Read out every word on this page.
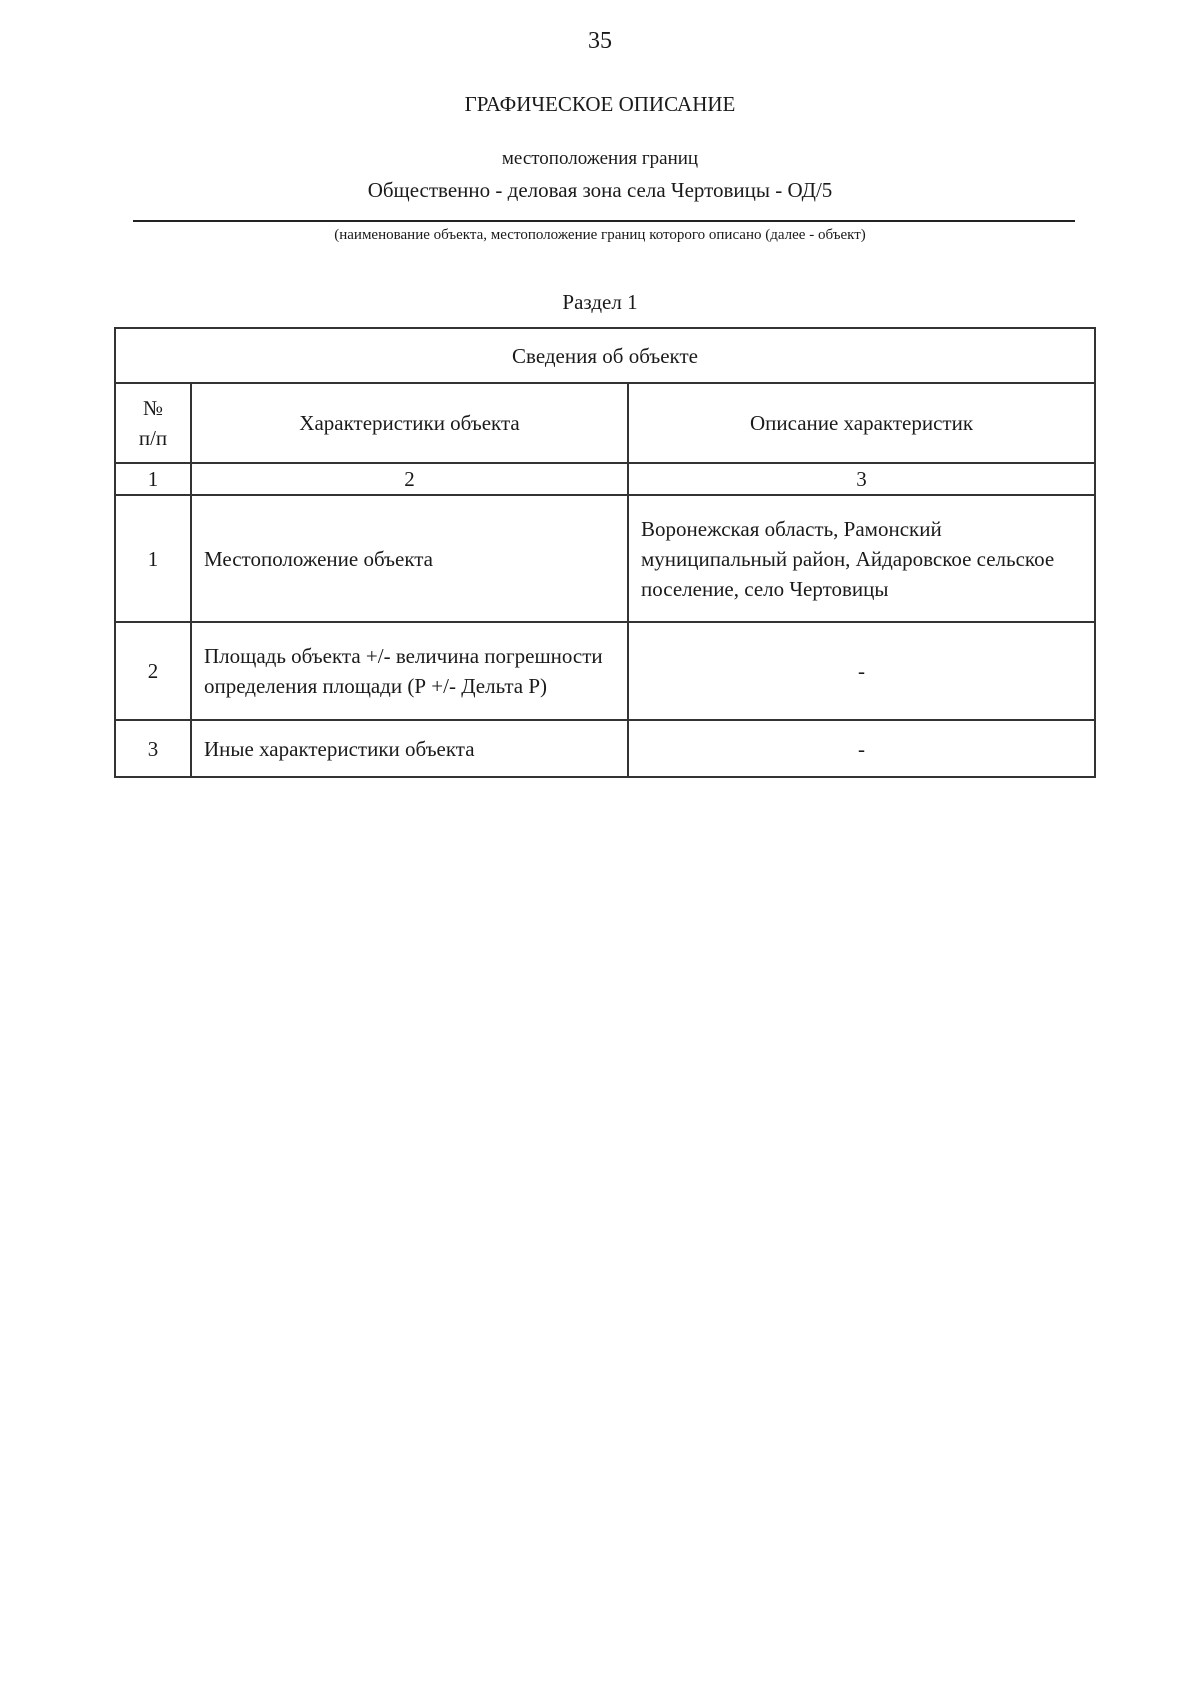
35
ГРАФИЧЕСКОЕ ОПИСАНИЕ
местоположения границ
Общественно - деловая зона села Чертовицы - ОД/5
(наименование объекта, местоположение границ которого описано (далее - объект)
Раздел 1
Сведения об объекте		
№
п/п	Характеристики объекта	Описание характеристик
1	2	3
1	Местоположение объекта	Воронежская область, Рамонский муниципальный район, Айдаровское сельское поселение, село Чертовицы
2	Площадь объекта +/- величина погрешности определения площади (Р +/- Дельта Р)	-
3	Иные характеристики объекта	-
